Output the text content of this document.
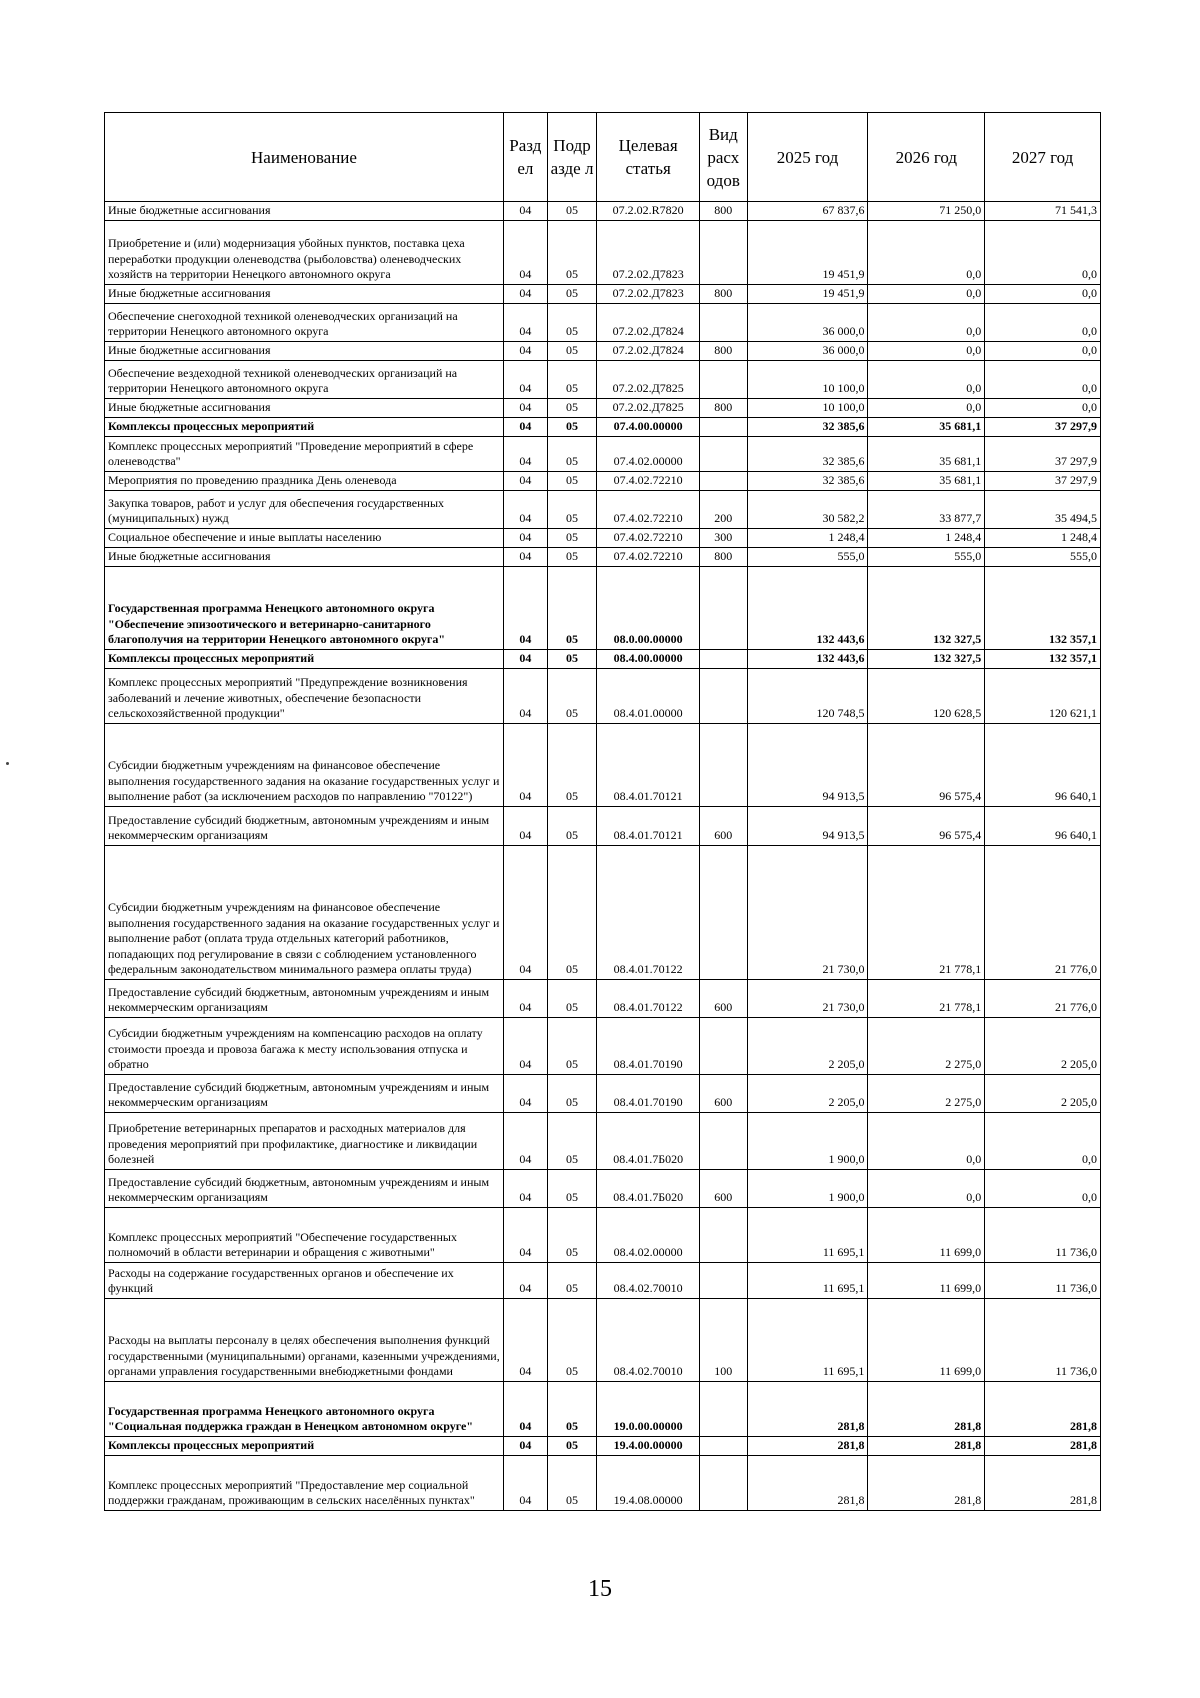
Наименование	Разд ел	Подр азде л	Целевая статья	Вид расх одов	2025 год	2026 год	2027 год
Иные бюджетные ассигнования	04	05	07.2.02.R7820	800	67 837,6	71 250,0	71 541,3
Приобретение и (или) модернизация убойных пунктов, поставка цеха переработки продукции оленеводства (рыболовства) оленеводческих хозяйств на территории Ненецкого автономного округа	04	05	07.2.02.Д7823		19 451,9	0,0	0,0
Иные бюджетные ассигнования	04	05	07.2.02.Д7823	800	19 451,9	0,0	0,0
Обеспечение снегоходной техникой оленеводческих организаций на территории Ненецкого автономного округа	04	05	07.2.02.Д7824		36 000,0	0,0	0,0
Иные бюджетные ассигнования	04	05	07.2.02.Д7824	800	36 000,0	0,0	0,0
Обеспечение вездеходной техникой оленеводческих организаций на территории Ненецкого автономного округа	04	05	07.2.02.Д7825		10 100,0	0,0	0,0
Иные бюджетные ассигнования	04	05	07.2.02.Д7825	800	10 100,0	0,0	0,0
Комплексы процессных мероприятий	04	05	07.4.00.00000		32 385,6	35 681,1	37 297,9
Комплекс процессных мероприятий "Проведение мероприятий в сфере оленеводства"	04	05	07.4.02.00000		32 385,6	35 681,1	37 297,9
Мероприятия по проведению праздника День оленевода	04	05	07.4.02.72210		32 385,6	35 681,1	37 297,9
Закупка товаров, работ и услуг для обеспечения государственных (муниципальных) нужд	04	05	07.4.02.72210	200	30 582,2	33 877,7	35 494,5
Социальное обеспечение и иные выплаты населению	04	05	07.4.02.72210	300	1 248,4	1 248,4	1 248,4
Иные бюджетные ассигнования	04	05	07.4.02.72210	800	555,0	555,0	555,0
Государственная программа Ненецкого автономного округа "Обеспечение эпизоотического и ветеринарно-санитарного благополучия на территории Ненецкого автономного округа"	04	05	08.0.00.00000		132 443,6	132 327,5	132 357,1
Комплексы процессных мероприятий	04	05	08.4.00.00000		132 443,6	132 327,5	132 357,1
Комплекс процессных мероприятий "Предупреждение возникновения заболеваний и лечение животных, обеспечение безопасности сельскохозяйственной продукции"	04	05	08.4.01.00000		120 748,5	120 628,5	120 621,1
Субсидии бюджетным учреждениям на финансовое обеспечение выполнения государственного задания на оказание государственных услуг и выполнение работ (за исключением расходов по направлению "70122")	04	05	08.4.01.70121		94 913,5	96 575,4	96 640,1
Предоставление субсидий бюджетным, автономным учреждениям и иным некоммерческим организациям	04	05	08.4.01.70121	600	94 913,5	96 575,4	96 640,1
Субсидии бюджетным учреждениям на финансовое обеспечение выполнения государственного задания на оказание государственных услуг и выполнение работ (оплата труда отдельных категорий работников, попадающих под регулирование в связи с соблюдением установленного федеральным законодательством минимального размера оплаты труда)	04	05	08.4.01.70122		21 730,0	21 778,1	21 776,0
Предоставление субсидий бюджетным, автономным учреждениям и иным некоммерческим организациям	04	05	08.4.01.70122	600	21 730,0	21 778,1	21 776,0
Субсидии бюджетным учреждениям на компенсацию расходов на оплату стоимости проезда и провоза багажа к месту использования отпуска и обратно	04	05	08.4.01.70190		2 205,0	2 275,0	2 205,0
Предоставление субсидий бюджетным, автономным учреждениям и иным некоммерческим организациям	04	05	08.4.01.70190	600	2 205,0	2 275,0	2 205,0
Приобретение ветеринарных препаратов и расходных материалов для проведения мероприятий при профилактике, диагностике и ликвидации болезней	04	05	08.4.01.7Б020		1 900,0	0,0	0,0
Предоставление субсидий бюджетным, автономным учреждениям и иным некоммерческим организациям	04	05	08.4.01.7Б020	600	1 900,0	0,0	0,0
Комплекс процессных мероприятий "Обеспечение государственных полномочий в области ветеринарии и обращения с животными"	04	05	08.4.02.00000		11 695,1	11 699,0	11 736,0
Расходы на содержание государственных органов и обеспечение их функций	04	05	08.4.02.70010		11 695,1	11 699,0	11 736,0
Расходы на выплаты персоналу в целях обеспечения выполнения функций государственными (муниципальными) органами, казенными учреждениями, органами управления государственными внебюджетными фондами	04	05	08.4.02.70010	100	11 695,1	11 699,0	11 736,0
Государственная программа Ненецкого автономного округа "Социальная поддержка граждан в Ненецком автономном округе"	04	05	19.0.00.00000		281,8	281,8	281,8
Комплексы процессных мероприятий	04	05	19.4.00.00000		281,8	281,8	281,8
Комплекс процессных мероприятий "Предоставление мер социальной поддержки гражданам, проживающим в сельских населённых пунктах"	04	05	19.4.08.00000		281,8	281,8	281,8
15
